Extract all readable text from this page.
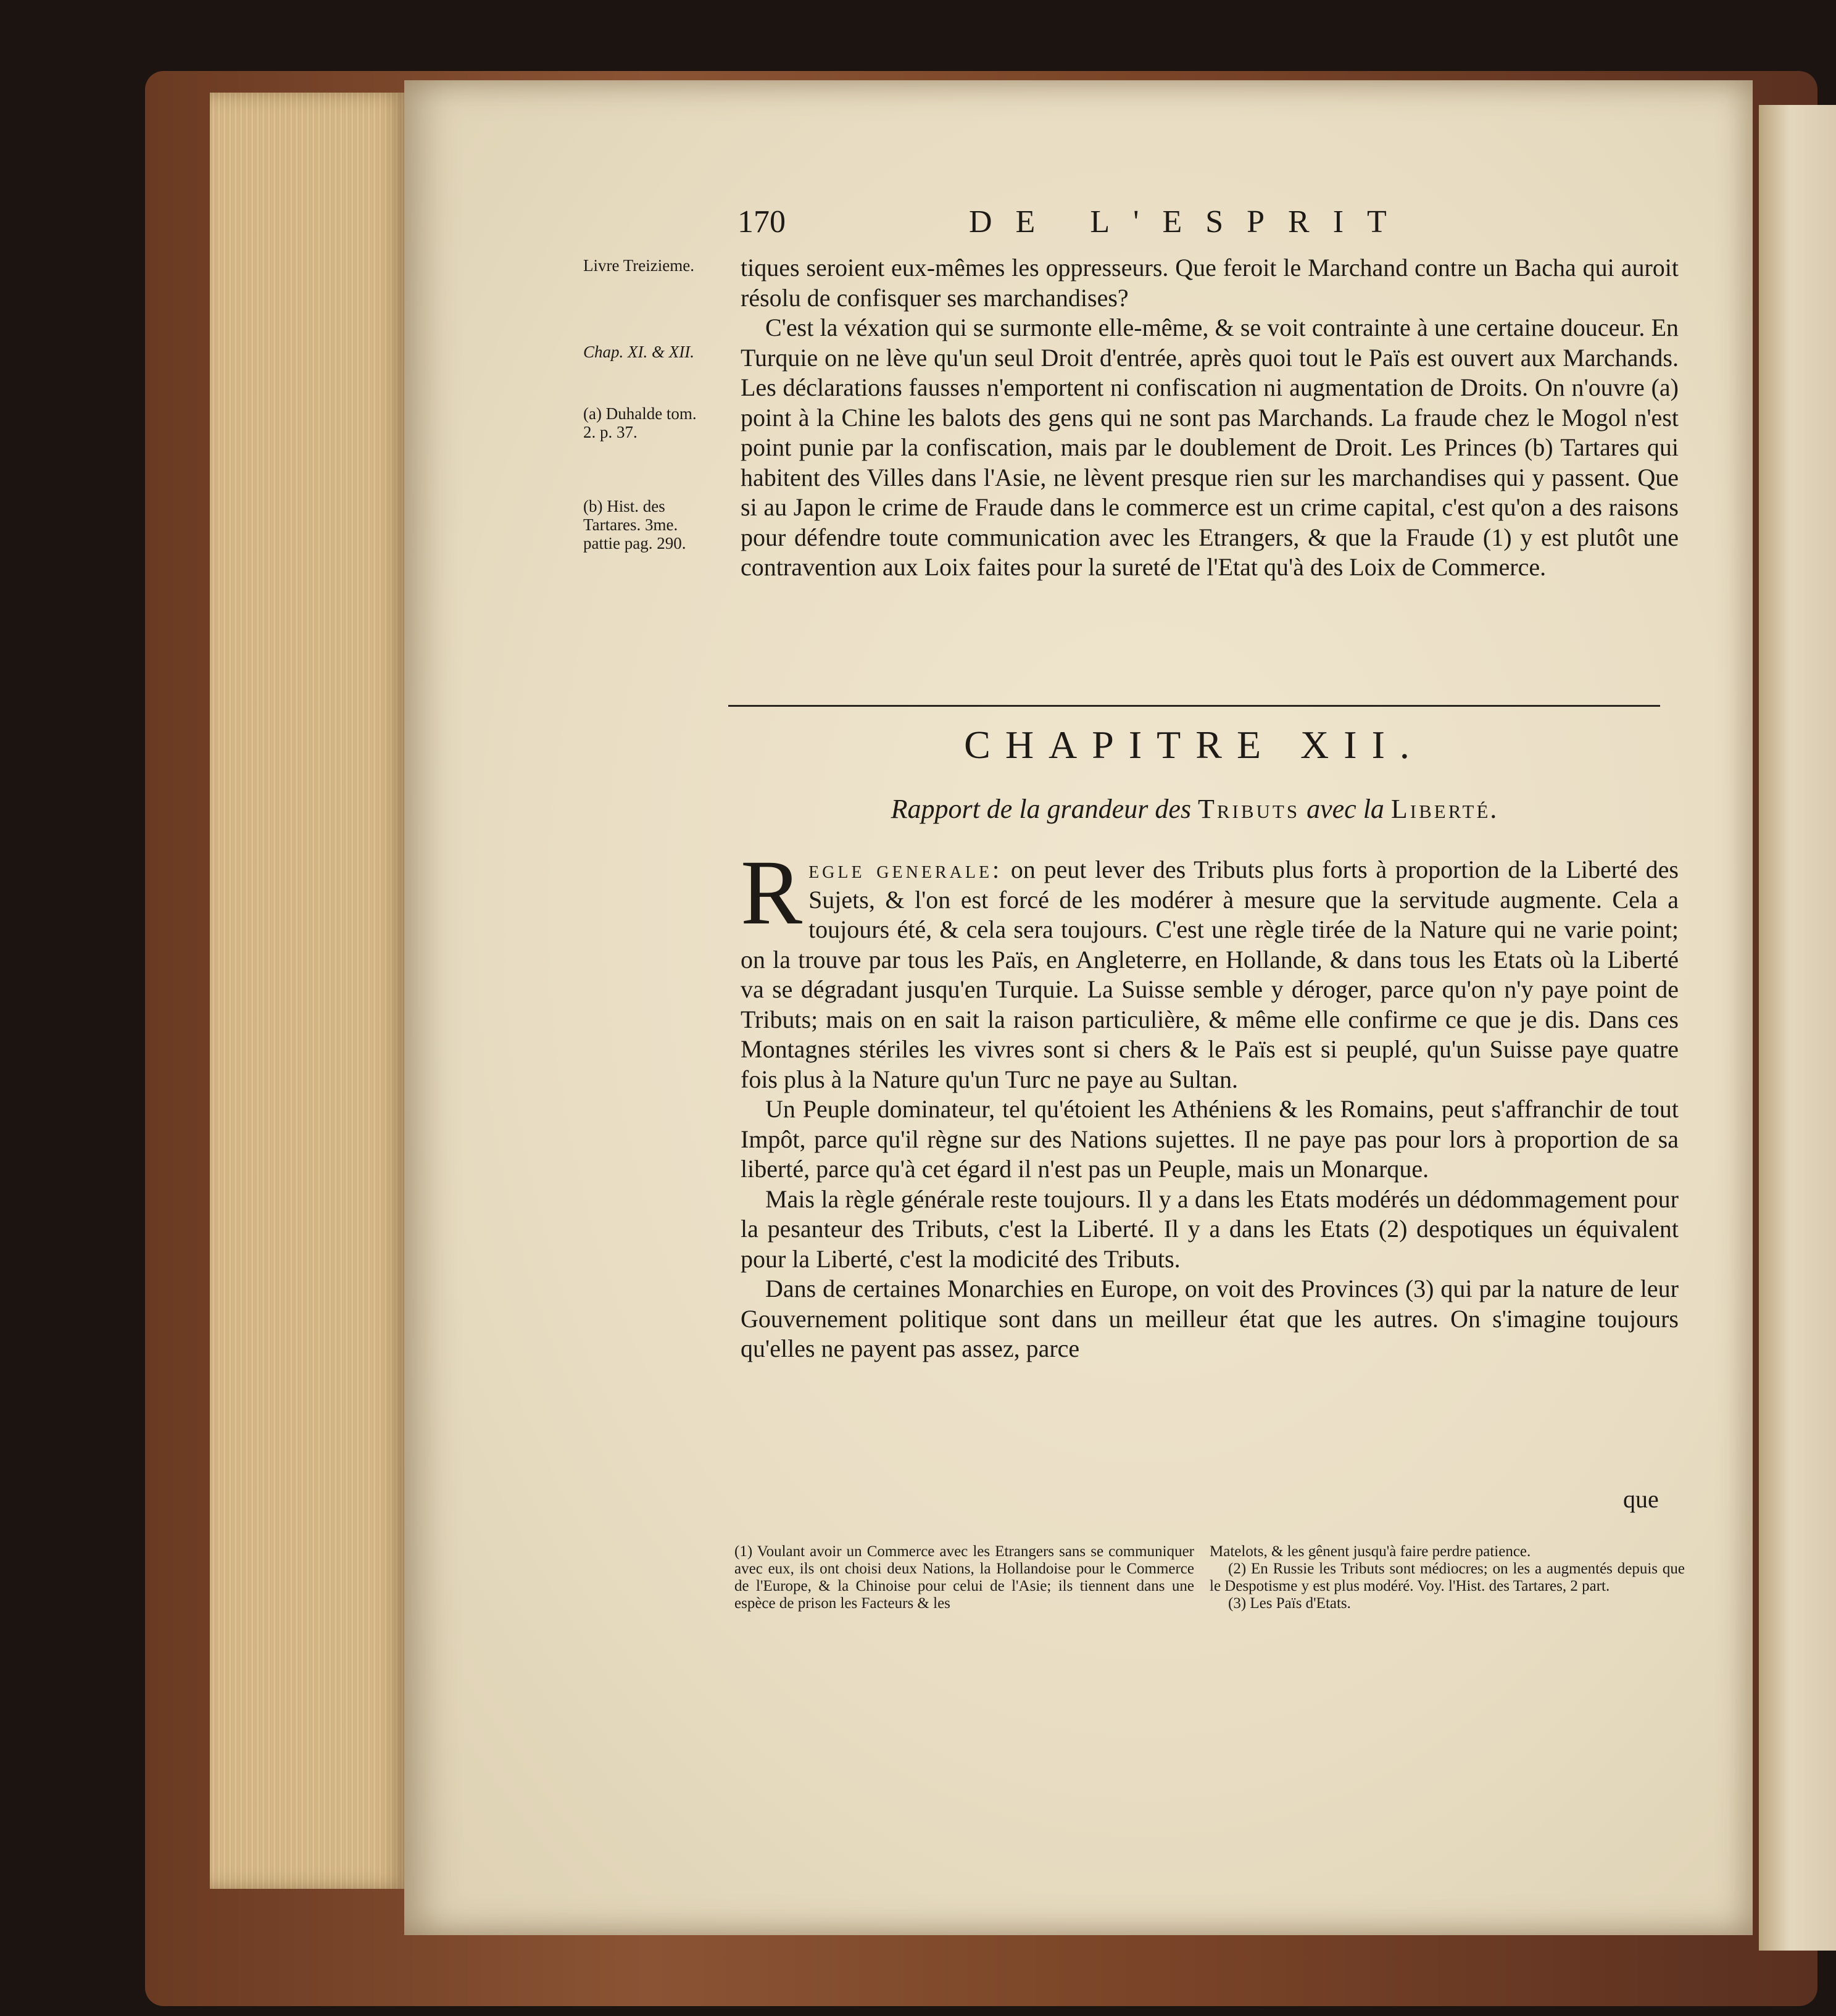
170	DE L'ESPRIT
Livre Treizieme.
Chap. XI. & XII.
(a) Duhalde tom. 2. p. 37.
(b) Hist. des Tartares. 3me. pattie pag. 290.

tiques seroient eux-mêmes les oppresseurs. Que feroit le Marchand contre un Bacha qui auroit résolu de confisquer ses marchandises?

C'est la véxation qui se surmonte elle-même, & se voit contrainte à une certaine douceur. En Turquie on ne lève qu'un seul Droit d'entrée, après quoi tout le Païs est ouvert aux Marchands. Les déclarations fausses n'emportent ni confiscation ni augmentation de Droits. On n'ouvre (a) point à la Chine les balots des gens qui ne sont pas Marchands. La fraude chez le Mogol n'est point punie par la confiscation, mais par le doublement de Droit. Les Princes (b) Tartares qui habitent des Villes dans l'Asie, ne lèvent presque rien sur les marchandises qui y passent. Que si au Japon le crime de Fraude dans le commerce est un crime capital, c'est qu'on a des raisons pour défendre toute communication avec les Etrangers, & que la Fraude (1) y est plutôt une contravention aux Loix faites pour la sureté de l'Etat qu'à des Loix de Commerce.

CHAPITRE XII.
Rapport de la grandeur des Tributs avec la Liberté.

Regle generale: on peut lever des Tributs plus forts à proportion de la Liberté des Sujets, & l'on est forcé de les modérer à mesure que la servitude augmente. Cela a toujours été, & cela sera toujours. C'est une règle tirée de la Nature qui ne varie point; on la trouve par tous les Païs, en Angleterre, en Hollande, & dans tous les Etats où la Liberté va se dégradant jusqu'en Turquie. La Suisse semble y déroger, parce qu'on n'y paye point de Tributs; mais on en sait la raison particulière, & même elle confirme ce que je dis. Dans ces Montagnes stériles les vivres sont si chers & le Païs est si peuplé, qu'un Suisse paye quatre fois plus à la Nature qu'un Turc ne paye au Sultan.

Un Peuple dominateur, tel qu'étoient les Athéniens & les Romains, peut s'affranchir de tout Impôt, parce qu'il règne sur des Nations sujettes. Il ne paye pas pour lors à proportion de sa liberté, parce qu'à cet égard il n'est pas un Peuple, mais un Monarque.

Mais la règle générale reste toujours. Il y a dans les Etats modérés un dédommagement pour la pesanteur des Tributs, c'est la Liberté. Il y a dans les Etats (2) despotiques un équivalent pour la Liberté, c'est la modicité des Tributs.

Dans de certaines Monarchies en Europe, on voit des Provinces (3) qui par la nature de leur Gouvernement politique sont dans un meilleur état que les autres. On s'imagine toujours qu'elles ne payent pas assez, parce

que

(1) Voulant avoir un Commerce avec les Etrangers sans se communiquer avec eux, ils ont choisi deux Nations, la Hollandoise pour le Commerce de l'Europe, & la Chinoise pour celui de l'Asie; ils tiennent dans une espèce de prison les Facteurs & les

Matelots, & les gênent jusqu'à faire perdre patience.

(2) En Russie les Tributs sont médiocres; on les a augmentés depuis que le Despotisme y est plus modéré. Voy. l'Hist. des Tartares, 2 part.

(3) Les Païs d'Etats.
